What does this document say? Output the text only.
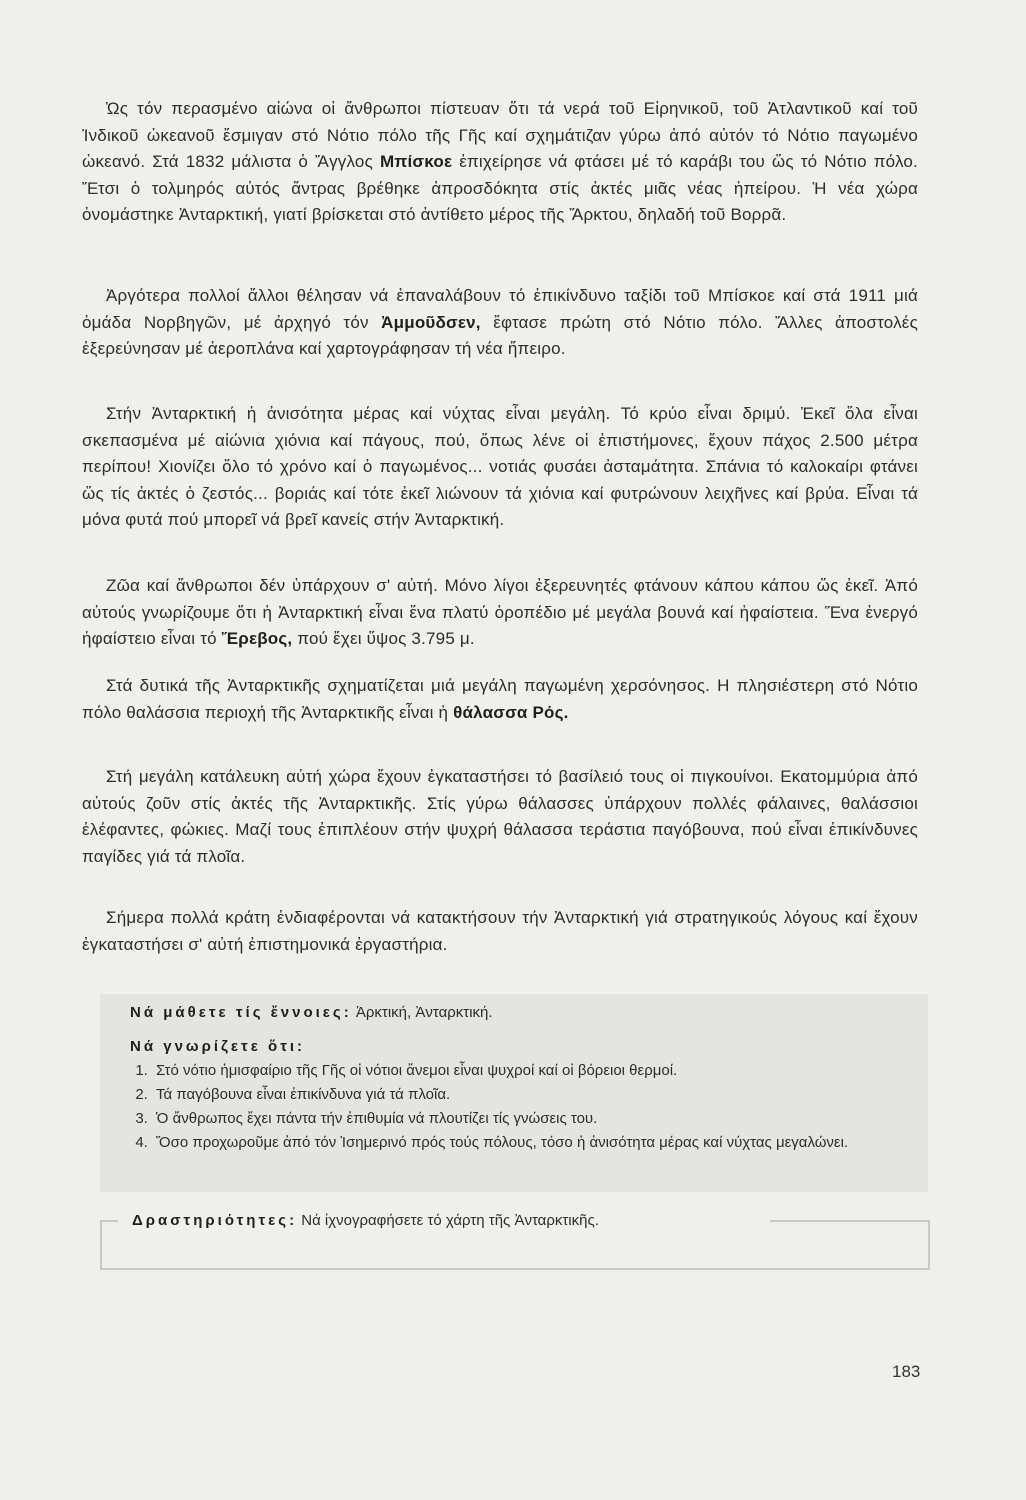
Ὡς τόν περασμένο αἰώνα οἱ ἄνθρωποι πίστευαν ὅτι τά νερά τοῦ Εἰρηνικοῦ, τοῦ Ἀτλαντικοῦ καί τοῦ Ἰνδικοῦ ὠκεανοῦ ἔσμιγαν στό Νότιο πόλο τῆς Γῆς καί σχημάτιζαν γύρω ἀπό αὐτόν τό Νότιο παγωμένο ὠκεανό. Στά 1832 μάλιστα ὁ Ἄγγλος Μπίσκοε ἐπιχείρησε νά φτάσει μέ τό καράβι του ὥς τό Νότιο πόλο. Ἔτσι ὁ τολμηρός αὐτός ἄντρας βρέθηκε ἀπροσδόκητα στίς ἀκτές μιᾶς νέας ἠπείρου. Ἡ νέα χώρα ὀνομάστηκε Ἀνταρκτική, γιατί βρίσκεται στό ἀντίθετο μέρος τῆς Ἄρκτου, δηλαδή τοῦ Βορρᾶ.

Ἀργότερα πολλοί ἄλλοι θέλησαν νά ἐπαναλάβουν τό ἐπικίνδυνο ταξίδι τοῦ Μπίσκοε καί στά 1911 μιά ὁμάδα Νορβηγῶν, μέ ἀρχηγό τόν Ἀμμοῦδσεν, ἔφτασε πρώτη στό Νότιο πόλο. Ἄλλες ἀποστολές ἐξερεύνησαν μέ ἀεροπλάνα καί χαρτογράφησαν τή νέα ἤπειρο.

Στήν Ἀνταρκτική ἡ ἀνισότητα μέρας καί νύχτας εἶναι μεγάλη. Τό κρύο εἶναι δριμύ. Ἐκεῖ ὅλα εἶναι σκεπασμένα μέ αἰώνια χιόνια καί πάγους, πού, ὅπως λένε οἱ ἐπιστήμονες, ἔχουν πάχος 2.500 μέτρα περίπου! Χιονίζει ὅλο τό χρόνο καί ὁ παγωμένος... νοτιάς φυσάει ἀσταμάτητα. Σπάνια τό καλοκαίρι φτάνει ὥς τίς ἀκτές ὁ ζεστός... βοριάς καί τότε ἐκεῖ λιώνουν τά χιόνια καί φυτρώνουν λειχῆνες καί βρύα. Εἶναι τά μόνα φυτά πού μπορεῖ νά βρεῖ κανείς στήν Ἀνταρκτική.

Ζῶα καί ἄνθρωποι δέν ὑπάρχουν σ' αὐτή. Μόνο λίγοι ἐξερευνητές φτάνουν κάπου κάπου ὥς ἐκεῖ. Ἀπό αὐτούς γνωρίζουμε ὅτι ἡ Ἀνταρκτική εἶναι ἕνα πλατύ ὀροπέδιο μέ μεγάλα βουνά καί ἡφαίστεια. Ἕνα ἐνεργό ἡφαίστειο εἶναι τό Ἔρεβος, πού ἔχει ὕψος 3.795 μ.

Στά δυτικά τῆς Ἀνταρκτικῆς σχηματίζεται μιά μεγάλη παγωμένη χερσόνησος. Η πλησιέστερη στό Νότιο πόλο θαλάσσια περιοχή τῆς Ἀνταρκτικῆς εἶναι ἡ θάλασσα Ρός.

Στή μεγάλη κατάλευκη αὐτή χώρα ἔχουν ἐγκαταστήσει τό βασίλειό τους οἱ πιγκουίνοι. Εκατομμύρια ἀπό αὐτούς ζοῦν στίς ἀκτές τῆς Ἀνταρκτικῆς. Στίς γύρω θάλασσες ὑπάρχουν πολλές φάλαινες, θαλάσσιοι ἐλέφαντες, φώκιες. Μαζί τους ἐπιπλέουν στήν ψυχρή θάλασσα τεράστια παγόβουνα, πού εἶναι ἐπικίνδυνες παγίδες γιά τά πλοῖα.

Σήμερα πολλά κράτη ἐνδιαφέρονται νά κατακτήσουν τήν Ἀνταρκτική γιά στρατηγικούς λόγους καί ἔχουν ἐγκαταστήσει σ' αὐτή ἐπιστημονικά ἐργαστήρια.

Νά μάθετε τίς ἔννοιες: Ἀρκτική, Ἀνταρκτική.
Νά γνωρίζετε ὅτι:
1. Στό νότιο ἡμισφαίριο τῆς Γῆς οἱ νότιοι ἄνεμοι εἶναι ψυχροί καί οἱ βόρειοι θερμοί.
2. Τά παγόβουνα εἶναι ἐπικίνδυνα γιά τά πλοῖα.
3. Ὁ ἄνθρωπος ἔχει πάντα τήν ἐπιθυμία νά πλουτίζει τίς γνώσεις του.
4. Ὅσο προχωροῦμε ἀπό τόν Ἰσημερινό πρός τούς πόλους, τόσο ἡ ἀνισότητα μέρας καί νύχτας μεγαλώνει.
Δραστηριότητες: Νά ἰχνογραφήσετε τό χάρτη τῆς Ἀνταρκτικῆς.
183
